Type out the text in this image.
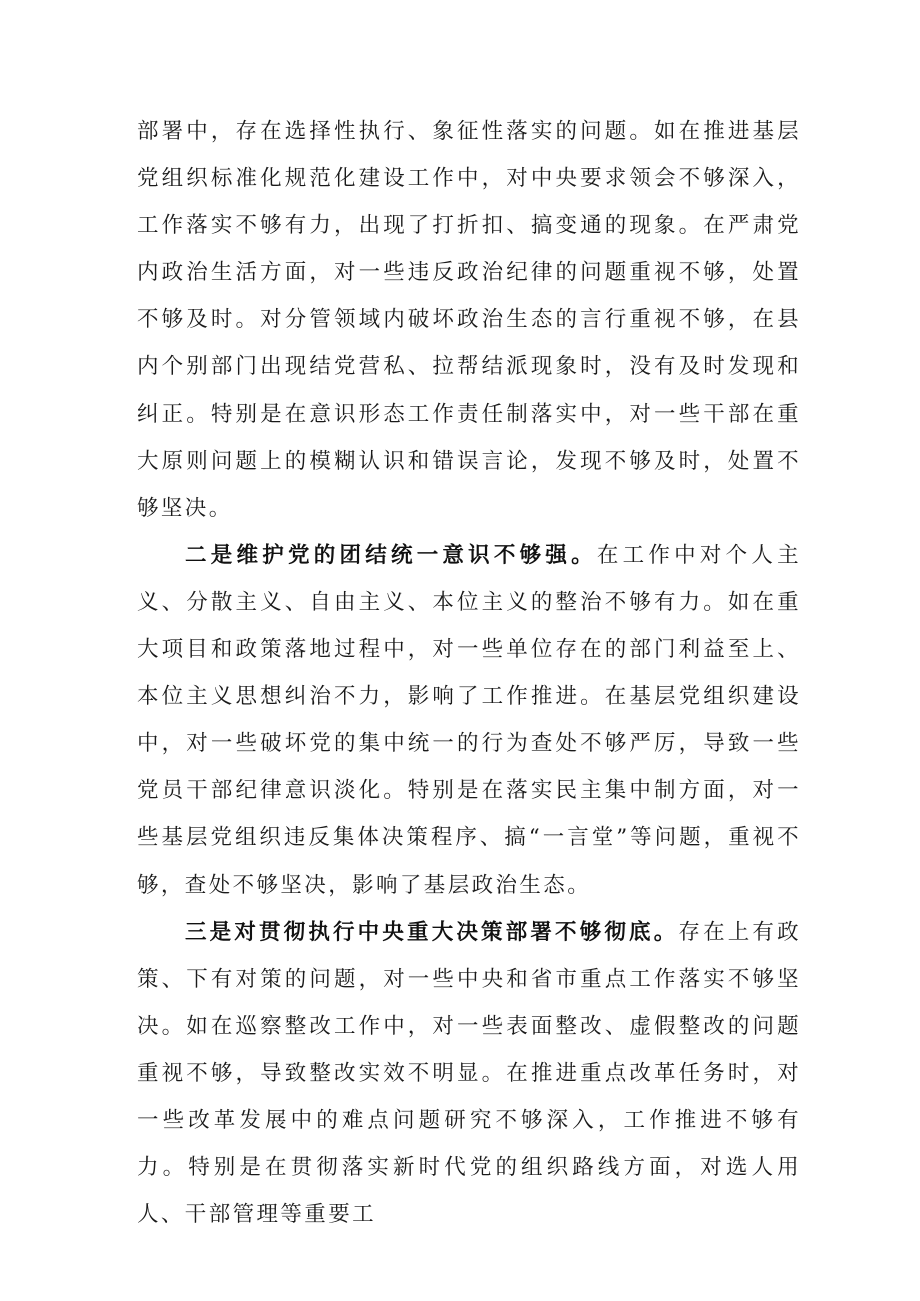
部署中，存在选择性执行、象征性落实的问题。如在推进基层党组织标准化规范化建设工作中，对中央要求领会不够深入，工作落实不够有力，出现了打折扣、搞变通的现象。在严肃党内政治生活方面，对一些违反政治纪律的问题重视不够，处置不够及时。对分管领域内破坏政治生态的言行重视不够，在县内个别部门出现结党营私、拉帮结派现象时，没有及时发现和纠正。特别是在意识形态工作责任制落实中，对一些干部在重大原则问题上的模糊认识和错误言论，发现不够及时，处置不够坚决。

二是维护党的团结统一意识不够强。在工作中对个人主义、分散主义、自由主义、本位主义的整治不够有力。如在重大项目和政策落地过程中，对一些单位存在的部门利益至上、本位主义思想纠治不力，影响了工作推进。在基层党组织建设中，对一些破坏党的集中统一的行为查处不够严厉，导致一些党员干部纪律意识淡化。特别是在落实民主集中制方面，对一些基层党组织违反集体决策程序、搞“一言堂”等问题，重视不够，查处不够坚决，影响了基层政治生态。

三是对贯彻执行中央重大决策部署不够彻底。存在上有政策、下有对策的问题，对一些中央和省市重点工作落实不够坚决。如在巡察整改工作中，对一些表面整改、虚假整改的问题重视不够，导致整改实效不明显。在推进重点改革任务时，对一些改革发展中的难点问题研究不够深入，工作推进不够有力。特别是在贯彻落实新时代党的组织路线方面，对选人用人、干部管理等重要工
